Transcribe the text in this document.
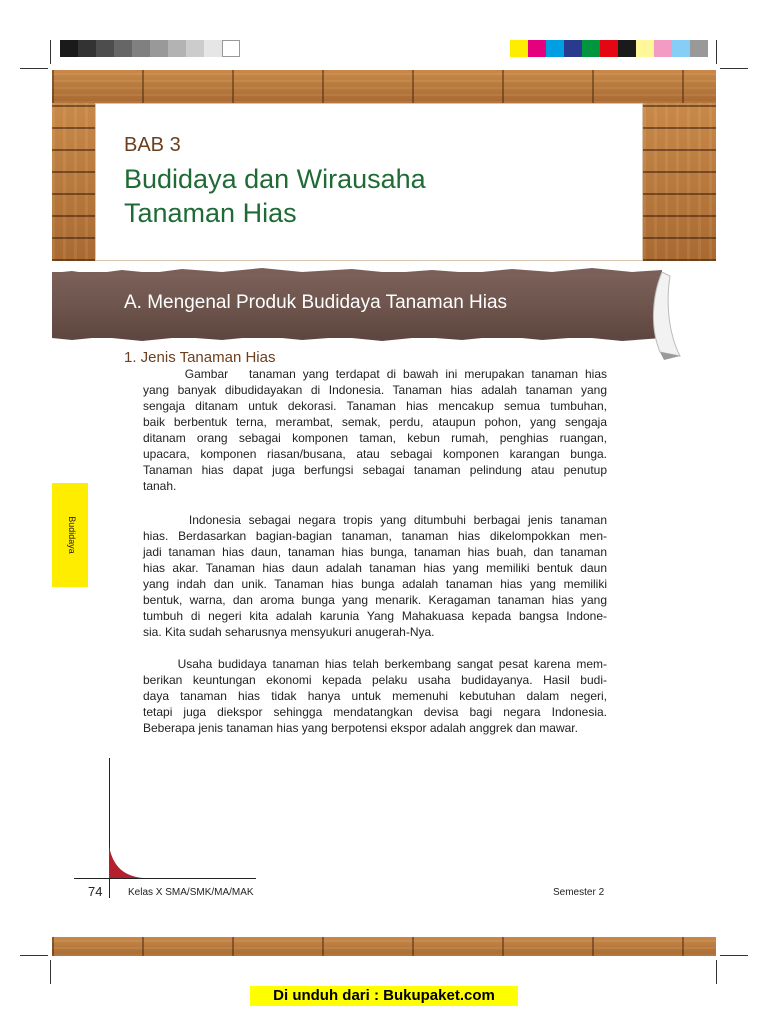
BAB 3
Budidaya dan Wirausaha
Tanaman Hias
A. Mengenal Produk Budidaya Tanaman Hias
1. Jenis Tanaman Hias
Budidaya
Gambar   tanaman yang terdapat di bawah ini merupakan tanaman hias
yang banyak dibudidayakan di Indonesia. Tanaman hias adalah tanaman yang
sengaja ditanam untuk dekorasi. Tanaman hias mencakup semua tumbuhan,
baik berbentuk terna, merambat, semak, perdu, ataupun pohon, yang sengaja
ditanam orang sebagai komponen taman, kebun rumah, penghias ruangan,
upacara, komponen riasan/busana, atau sebagai komponen karangan bunga.
Tanaman hias dapat juga berfungsi sebagai tanaman pelindung atau penutup
tanah.
Indonesia sebagai negara tropis yang ditumbuhi berbagai jenis tanaman
hias. Berdasarkan bagian-bagian tanaman, tanaman hias dikelompokkan men-
jadi tanaman hias daun, tanaman hias bunga, tanaman hias buah, dan tanaman
hias akar. Tanaman hias daun adalah tanaman hias yang memiliki bentuk daun
yang indah dan unik. Tanaman hias bunga adalah tanaman hias yang memiliki
bentuk, warna, dan aroma bunga yang menarik. Keragaman tanaman hias yang
tumbuh di negeri kita adalah karunia Yang Mahakuasa kepada bangsa Indone-
sia. Kita sudah seharusnya mensyukuri anugerah-Nya.
Usaha budidaya tanaman hias telah berkembang sangat pesat karena mem-
berikan keuntungan ekonomi kepada pelaku usaha budidayanya. Hasil budi-
daya tanaman hias tidak hanya untuk memenuhi kebutuhan dalam negeri,
tetapi juga diekspor sehingga mendatangkan devisa bagi negara Indonesia.
Beberapa jenis tanaman hias yang berpotensi ekspor adalah anggrek dan mawar.
74	Kelas X SMA/SMK/MA/MAK	Semester 2
Di unduh dari : Bukupaket.com
